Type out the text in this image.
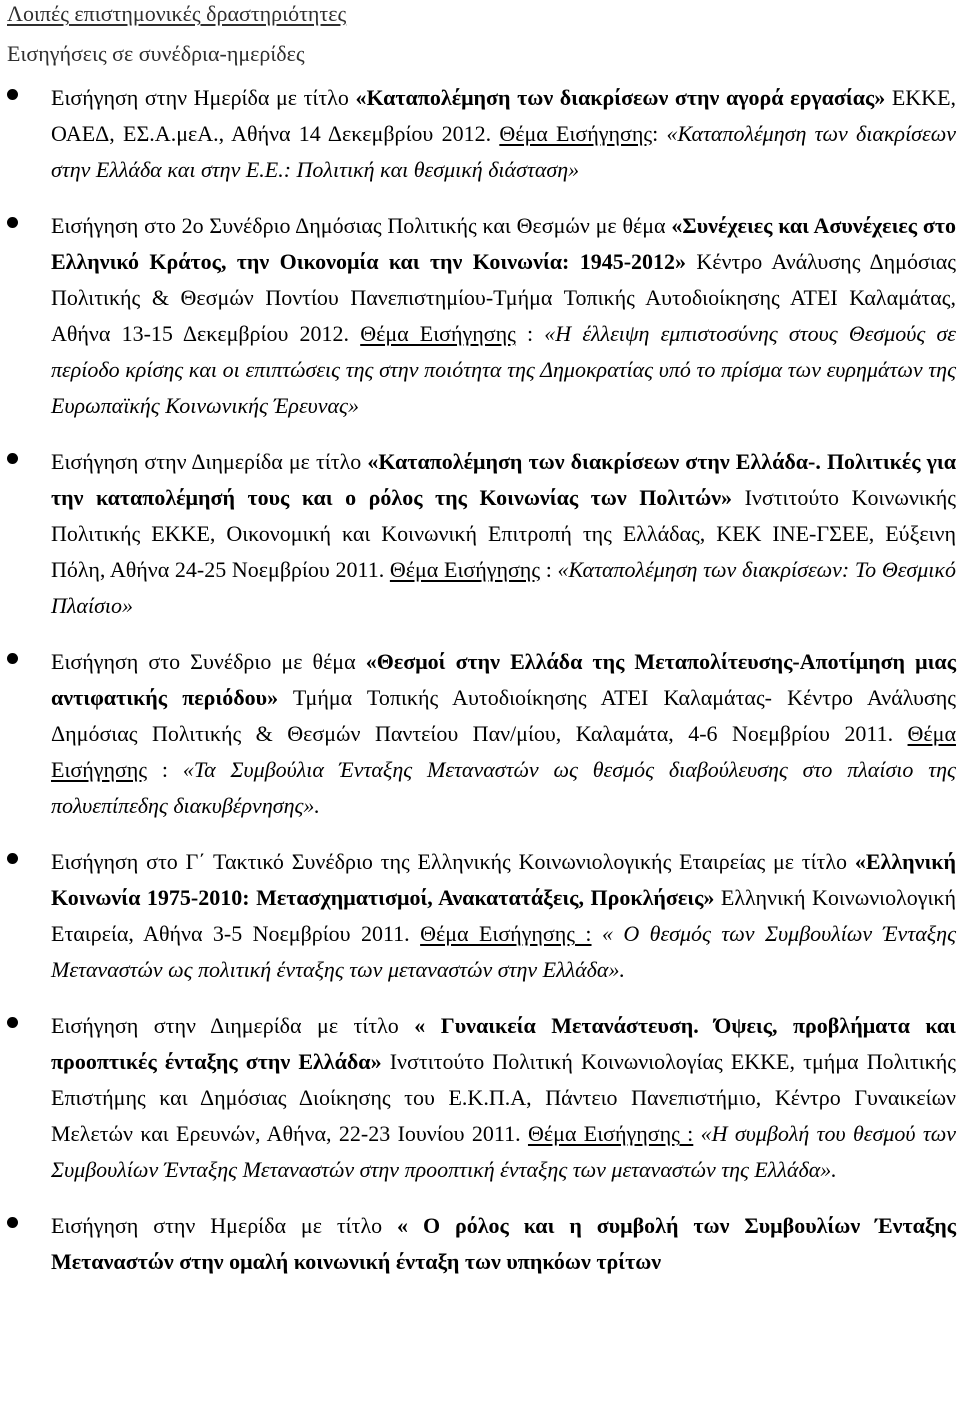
Λοιπές επιστημονικές δραστηριότητες
Εισηγήσεις σε συνέδρια-ημερίδες
Εισήγηση στην Ημερίδα με τίτλο «Καταπολέμηση των διακρίσεων στην αγορά εργασίας» ΕΚΚΕ, ΟΑΕΔ, ΕΣ.Α.μεΑ., Αθήνα 14 Δεκεμβρίου 2012. Θέμα Εισήγησης: «Καταπολέμηση των διακρίσεων στην Ελλάδα και στην Ε.Ε.: Πολιτική και θεσμική διάσταση»
Εισήγηση στο 2ο Συνέδριο Δημόσιας Πολιτικής και Θεσμών με θέμα «Συνέχειες και Ασυνέχειες στο Ελληνικό Κράτος, την Οικονομία και την Κοινωνία: 1945-2012» Κέντρο Ανάλυσης Δημόσιας Πολιτικής & Θεσμών Ποντίου Πανεπιστημίου-Τμήμα Τοπικής Αυτοδιοίκησης ΑΤΕΙ Καλαμάτας, Αθήνα 13-15 Δεκεμβρίου 2012. Θέμα Εισήγησης : «Η έλλειψη εμπιστοσύνης στους Θεσμούς σε περίοδο κρίσης και οι επιπτώσεις της στην ποιότητα της Δημοκρατίας υπό το πρίσμα των ευρημάτων της Ευρωπαϊκής Κοινωνικής Έρευνας»
Εισήγηση στην Διημερίδα με τίτλο «Καταπολέμηση των διακρίσεων στην Ελλάδα-. Πολιτικές για την καταπολέμησή τους και ο ρόλος της Κοινωνίας των Πολιτών» Ινστιτούτο Κοινωνικής Πολιτικής ΕΚΚΕ, Οικονομική και Κοινωνική Επιτροπή της Ελλάδας, ΚΕΚ ΙΝΕ-ΓΣΕΕ, Εύξεινη Πόλη, Αθήνα 24-25 Νοεμβρίου 2011. Θέμα Εισήγησης : «Καταπολέμηση των διακρίσεων: Το Θεσμικό Πλαίσιο»
Εισήγηση στο Συνέδριο με θέμα «Θεσμοί στην Ελλάδα της Μεταπολίτευσης-Αποτίμηση μιας αντιφατικής περιόδου» Τμήμα Τοπικής Αυτοδιοίκησης ΑΤΕΙ Καλαμάτας- Κέντρο Ανάλυσης Δημόσιας Πολιτικής & Θεσμών Παντείου Παν/μίου, Καλαμάτα, 4-6 Νοεμβρίου 2011. Θέμα Εισήγησης : «Τα Συμβούλια Ένταξης Μεταναστών ως θεσμός διαβούλευσης στο πλαίσιο της πολυεπίπεδης διακυβέρνησης».
Εισήγηση στο Γ΄ Τακτικό Συνέδριο της Ελληνικής Κοινωνιολογικής Εταιρείας με τίτλο «Ελληνική Κοινωνία 1975-2010: Μετασχηματισμοί, Ανακατατάξεις, Προκλήσεις» Ελληνική Κοινωνιολογική Εταιρεία, Αθήνα 3-5 Νοεμβρίου 2011. Θέμα Εισήγησης : « Ο θεσμός των Συμβουλίων Ένταξης Μεταναστών ως πολιτική ένταξης των μεταναστών στην Ελλάδα».
Εισήγηση στην Διημερίδα με τίτλο « Γυναικεία Μετανάστευση. Όψεις, προβλήματα και προοπτικές ένταξης στην Ελλάδα» Ινστιτούτο Πολιτική Κοινωνιολογίας ΕΚΚΕ, τμήμα Πολιτικής Επιστήμης και Δημόσιας Διοίκησης του Ε.Κ.Π.Α, Πάντειο Πανεπιστήμιο, Κέντρο Γυναικείων Μελετών και Ερευνών, Αθήνα, 22-23 Ιουνίου 2011. Θέμα Εισήγησης : «Η συμβολή του θεσμού των Συμβουλίων Ένταξης Μεταναστών στην προοπτική ένταξης των μεταναστών της Ελλάδα».
Εισήγηση στην Ημερίδα με τίτλο « Ο ρόλος και η συμβολή των Συμβουλίων Ένταξης Μεταναστών στην ομαλή κοινωνική ένταξη των υπηκόων τρίτων
